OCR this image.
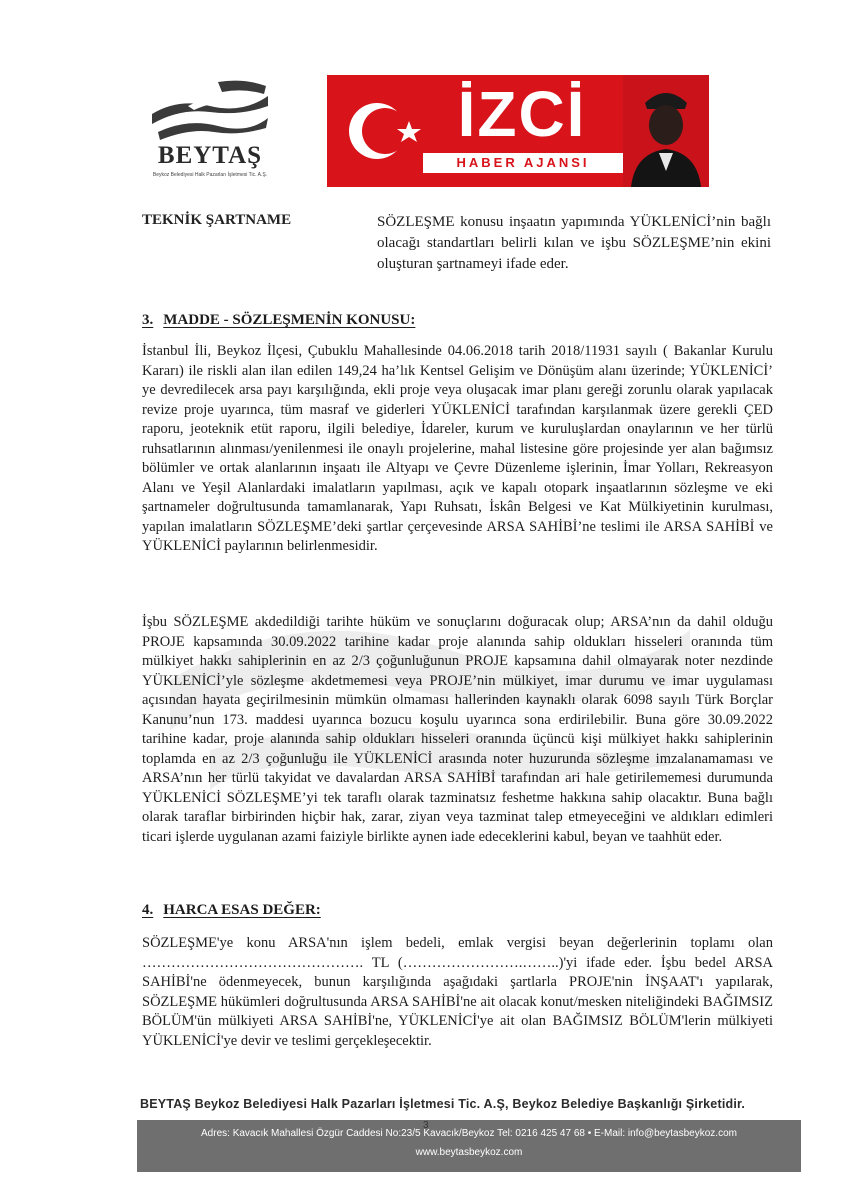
BEYTAŞ
Beykoz Belediyesi Halk Pazarları İşletmesi Tic. A.Ş.
İZCİ
HABER AJANSI
TEKNİK ŞARTNAME	SÖZLEŞME konusu inşaatın yapımında YÜKLENİCİ’nin bağlı olacağı standartları belirli kılan ve işbu SÖZLEŞME’nin ekini oluşturan şartnameyi ifade eder.

3. MADDE - SÖZLEŞMENİN KONUSU:

İstanbul İli, Beykoz İlçesi, Çubuklu Mahallesinde 04.06.2018 tarih 2018/11931 sayılı ( Bakanlar Kurulu Kararı) ile riskli alan ilan edilen 149,24 ha’lık Kentsel Gelişim ve Dönüşüm alanı üzerinde; YÜKLENİCİ’ ye devredilecek arsa payı karşılığında, ekli proje veya oluşacak imar planı gereği zorunlu olarak yapılacak revize proje uyarınca, tüm masraf ve giderleri YÜKLENİCİ tarafından karşılanmak üzere gerekli ÇED raporu, jeoteknik etüt raporu, ilgili belediye, İdareler, kurum ve kuruluşlardan onaylarının ve her türlü ruhsatlarının alınması/yenilenmesi ile onaylı projelerine, mahal listesine göre projesinde yer alan bağımsız bölümler ve ortak alanlarının inşaatı ile Altyapı ve Çevre Düzenleme işlerinin, İmar Yolları, Rekreasyon Alanı ve Yeşil Alanlardaki imalatların yapılması, açık ve kapalı otopark inşaatlarının sözleşme ve eki şartnameler doğrultusunda tamamlanarak, Yapı Ruhsatı, İskân Belgesi ve Kat Mülkiyetinin kurulması, yapılan imalatların SÖZLEŞME’deki şartlar çerçevesinde ARSA SAHİBİ’ne teslimi ile ARSA SAHİBİ ve YÜKLENİCİ paylarının belirlenmesidir.

İşbu SÖZLEŞME akdedildiği tarihte hüküm ve sonuçlarını doğuracak olup; ARSA’nın da dahil olduğu PROJE kapsamında 30.09.2022 tarihine kadar proje alanında sahip oldukları hisseleri oranında tüm mülkiyet hakkı sahiplerinin en az 2/3 çoğunluğunun PROJE kapsamına dahil olmayarak noter nezdinde YÜKLENİCİ’yle sözleşme akdetmemesi veya PROJE’nin mülkiyet, imar durumu ve imar uygulaması açısından hayata geçirilmesinin mümkün olmaması hallerinden kaynaklı olarak 6098 sayılı Türk Borçlar Kanunu’nun 173. maddesi uyarınca bozucu koşulu uyarınca sona erdirilebilir. Buna göre 30.09.2022 tarihine kadar, proje alanında sahip oldukları hisseleri oranında üçüncü kişi mülkiyet hakkı sahiplerinin toplamda en az 2/3 çoğunluğu ile YÜKLENİCİ arasında noter huzurunda sözleşme imzalanamaması ve ARSA’nın her türlü takyidat ve davalardan ARSA SAHİBİ tarafından ari hale getirilememesi durumunda YÜKLENİCİ SÖZLEŞME’yi tek taraflı olarak tazminatsız feshetme hakkına sahip olacaktır. Buna bağlı olarak taraflar birbirinden hiçbir hak, zarar, ziyan veya tazminat talep etmeyeceğini ve aldıkları edimleri ticari işlerde uygulanan azami faiziyle birlikte aynen iade edeceklerini kabul, beyan ve taahhüt eder.

4. HARCA ESAS DEĞER:

SÖZLEŞME'ye konu ARSA'nın işlem bedeli, emlak vergisi beyan değerlerinin toplamı olan ………………………………………. TL (…………………….……..)'yi ifade eder. İşbu bedel ARSA SAHİBİ'ne ödenmeyecek, bunun karşılığında aşağıdaki şartlarla PROJE'nin İNŞAAT'ı yapılarak, SÖZLEŞME hükümleri doğrultusunda ARSA SAHİBİ'ne ait olacak konut/mesken niteliğindeki BAĞIMSIZ BÖLÜM'ün mülkiyeti ARSA SAHİBİ'ne, YÜKLENİCİ'ye ait olan BAĞIMSIZ BÖLÜM'lerin mülkiyeti YÜKLENİCİ'ye devir ve teslimi gerçekleşecektir.

BEYTAŞ Beykoz Belediyesi Halk Pazarları İşletmesi Tic. A.Ş, Beykoz Belediye Başkanlığı Şirketidir.
Adres: Kavacık Mahallesi Özgür Caddesi No:23/5 Kavacık/Beykoz Tel: 0216 425 47 68 • E-Mail: info@beytasbeykoz.com
www.beytasbeykoz.com
3
